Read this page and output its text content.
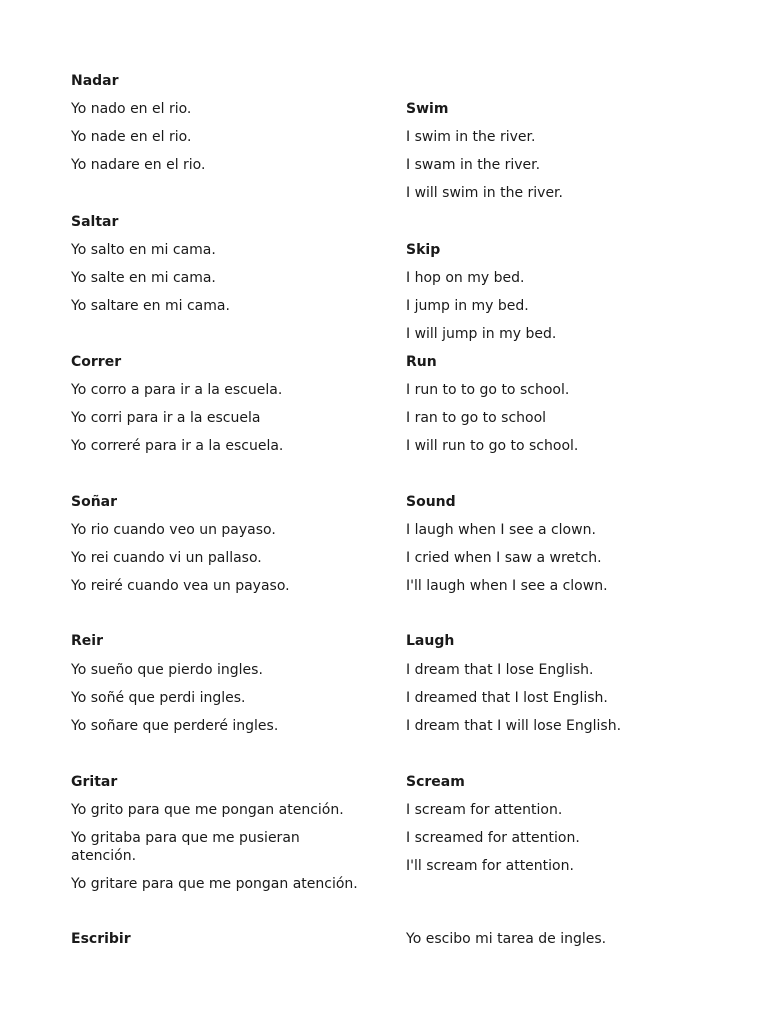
Nadar
Yo nado en el rio.
Yo nade en el rio.
Yo nadare en el rio.
Saltar
Yo salto en mi cama.
Yo salte en mi cama.
Yo saltare en mi cama.
Correr
Yo corro a para ir a la escuela.
Yo corri para ir a la escuela
Yo correré para ir a la escuela.
Soñar
Yo rio cuando veo un payaso.
Yo rei cuando vi un pallaso.
Yo reiré cuando vea un payaso.
Reir
Yo sueño que pierdo ingles.
Yo soñé que perdi ingles.
Yo soñare que perderé ingles.
Gritar
Yo grito para que me pongan atención.
Yo gritaba para que me pusieran atención.
Yo gritare para que me pongan atención.
Escribir
Swim
I swim in the river.
I swam in the river.
I will swim in the river.
Skip
I hop on my bed.
I jump in my bed.
I will jump in my bed.
Run
I run to to go to school.
I ran to go to school
I will run to go to school.
Sound
I laugh when I see a clown.
I cried when I saw a wretch.
I'll laugh when I see a clown.
Laugh
I dream that I lose English.
I dreamed that I lost English.
I dream that I will lose English.
Scream
I scream for attention.
I screamed for attention.
I'll scream for attention.
Yo escibo mi tarea de ingles.
